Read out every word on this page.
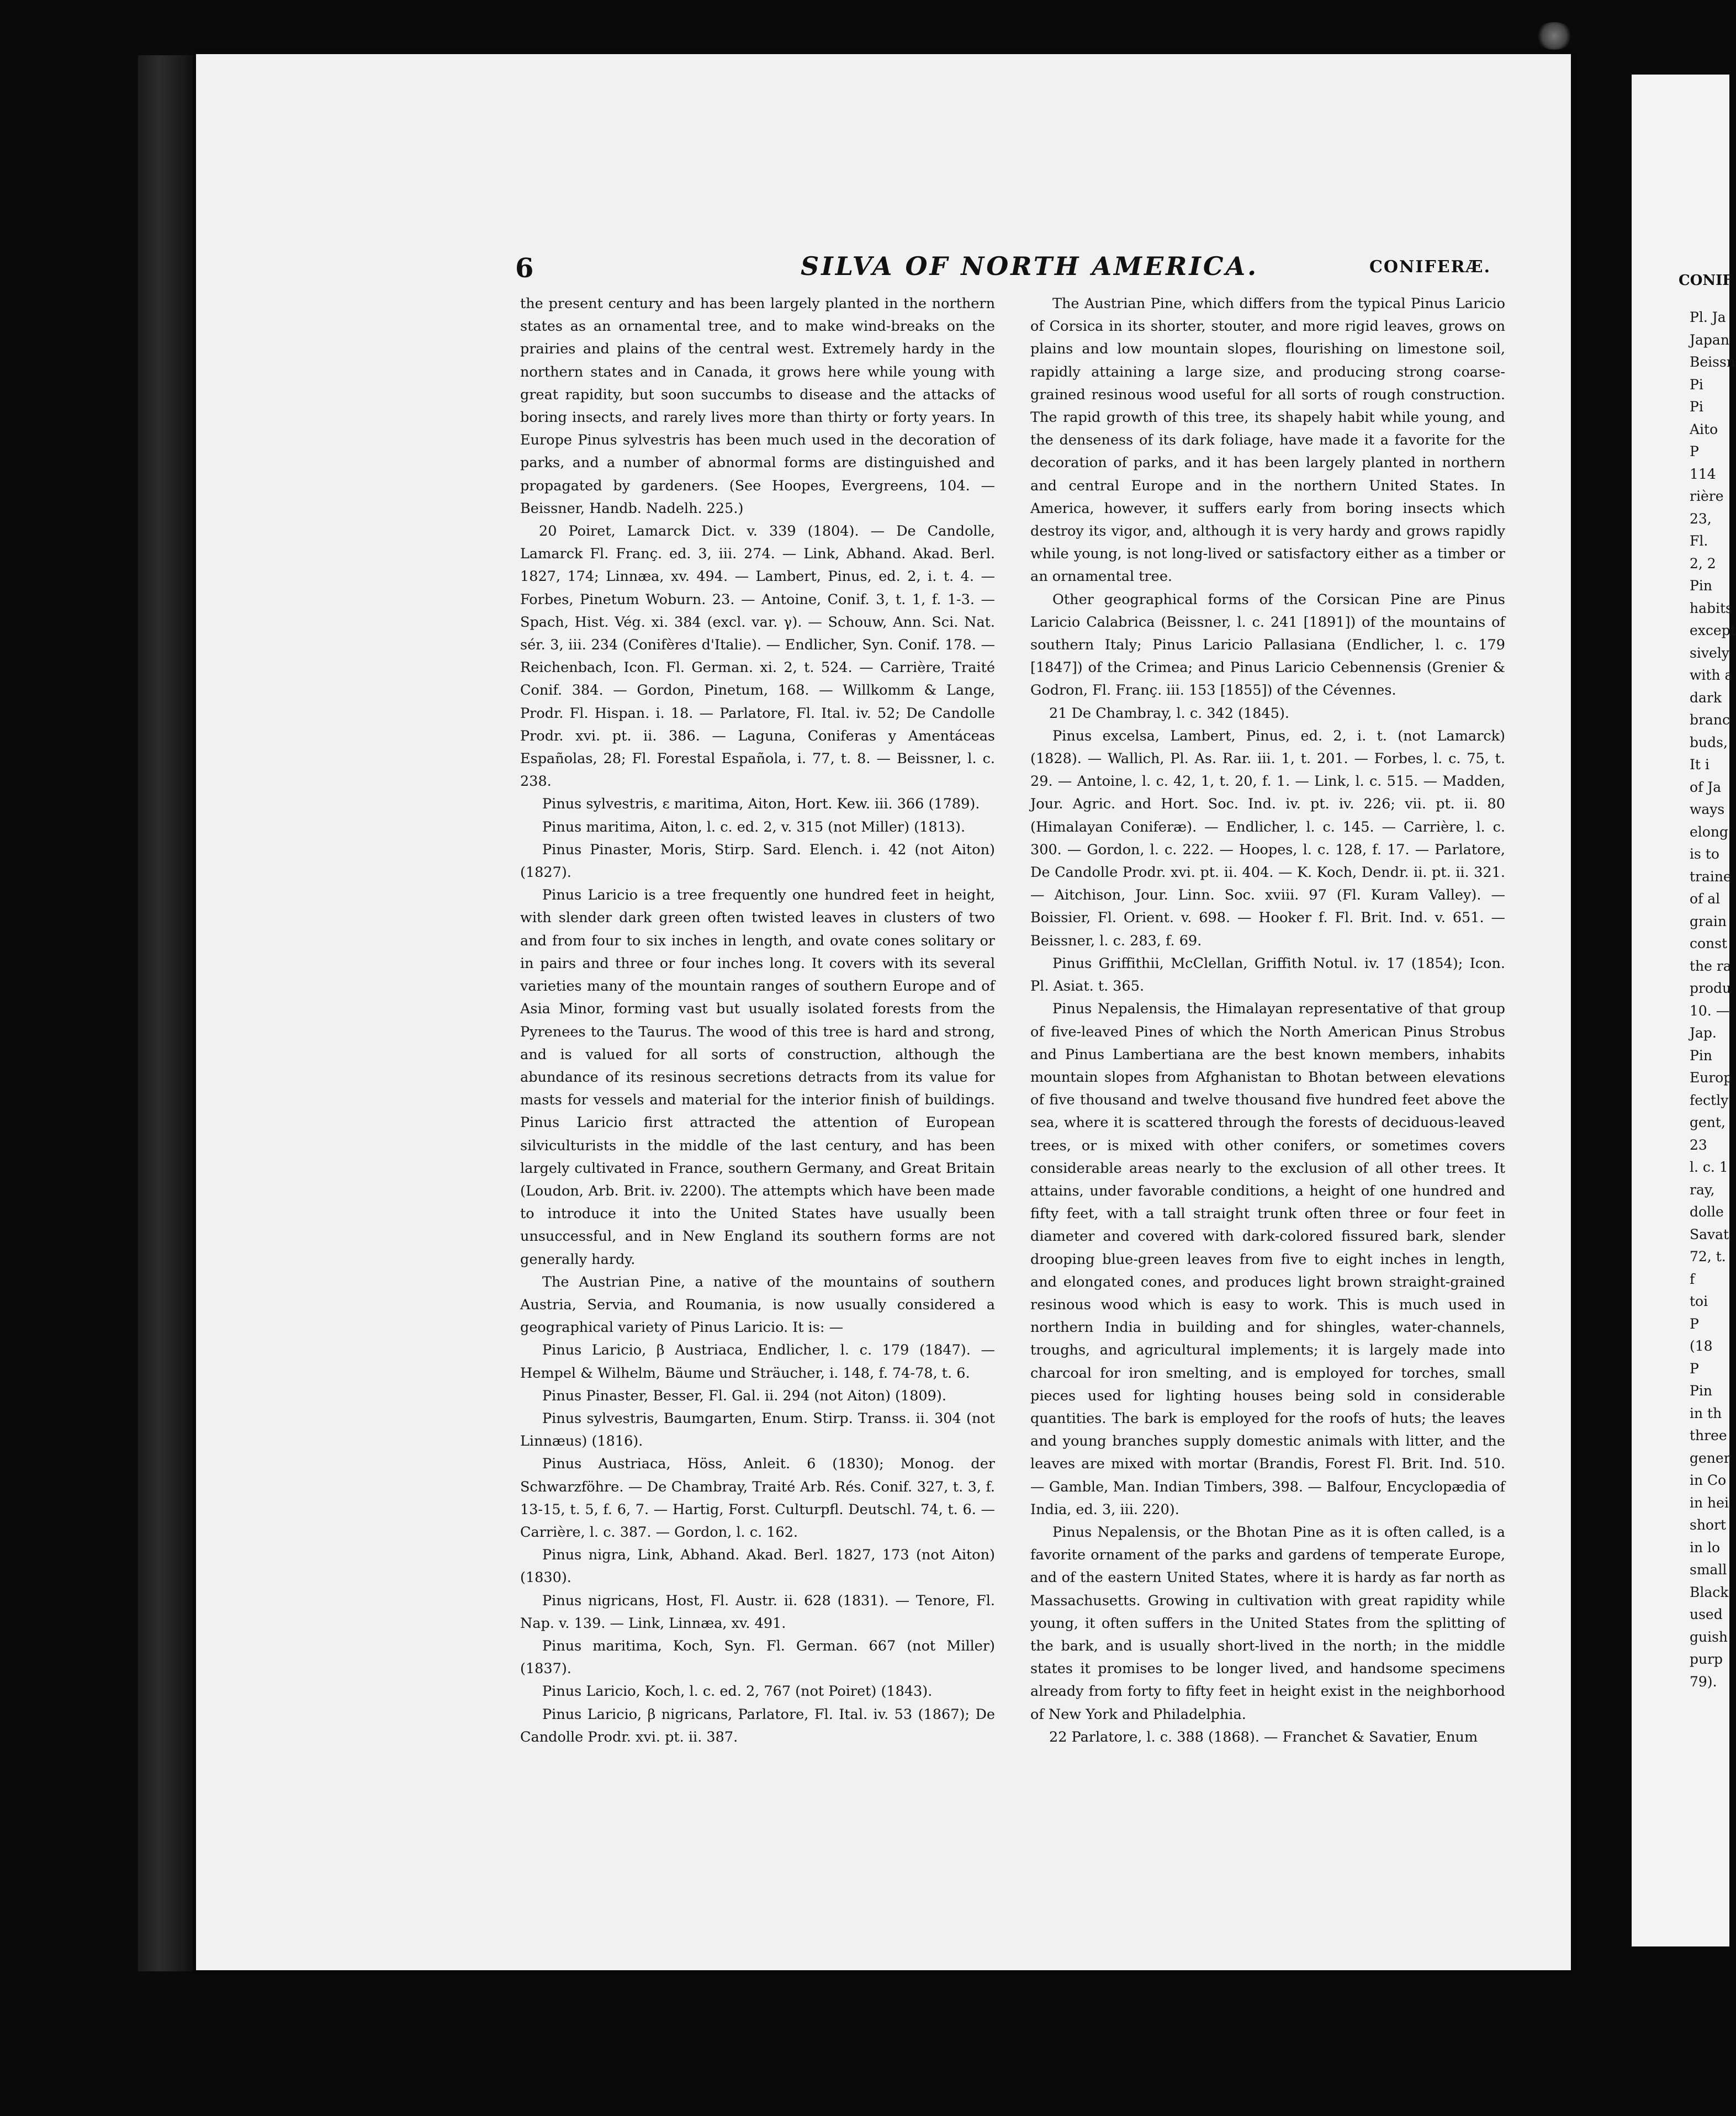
6	SILVA OF NORTH AMERICA.	CONIFERÆ.

the present century and has been largely planted in the northern states as an ornamental tree, and to make wind-breaks on the prairies and plains of the central west. Extremely hardy in the northern states and in Canada, it grows here while young with great rapidity, but soon succumbs to disease and the attacks of boring insects, and rarely lives more than thirty or forty years. In Europe Pinus sylvestris has been much used in the decoration of parks, and a number of abnormal forms are distinguished and propagated by gardeners. (See Hoopes, Evergreens, 104. — Beissner, Handb. Nadelh. 225.)

20 Poiret, Lamarck Dict. v. 339 (1804). — De Candolle, Lamarck Fl. Franç. ed. 3, iii. 274. — Link, Abhand. Akad. Berl. 1827, 174; Linnæa, xv. 494. — Lambert, Pinus, ed. 2, i. t. 4. — Forbes, Pinetum Woburn. 23. — Antoine, Conif. 3, t. 1, f. 1-3. — Spach, Hist. Vég. xi. 384 (excl. var. γ). — Schouw, Ann. Sci. Nat. sér. 3, iii. 234 (Conifères d'Italie). — Endlicher, Syn. Conif. 178. — Reichenbach, Icon. Fl. German. xi. 2, t. 524. — Carrière, Traité Conif. 384. — Gordon, Pinetum, 168. — Willkomm & Lange, Prodr. Fl. Hispan. i. 18. — Parlatore, Fl. Ital. iv. 52; De Candolle Prodr. xvi. pt. ii. 386. — Laguna, Coniferas y Amentáceas Españolas, 28; Fl. Forestal Española, i. 77, t. 8. — Beissner, l. c. 238.

Pinus sylvestris, ε maritima, Aiton, Hort. Kew. iii. 366 (1789).

Pinus maritima, Aiton, l. c. ed. 2, v. 315 (not Miller) (1813).

Pinus Pinaster, Moris, Stirp. Sard. Elench. i. 42 (not Aiton) (1827).

Pinus Laricio is a tree frequently one hundred feet in height, with slender dark green often twisted leaves in clusters of two and from four to six inches in length, and ovate cones solitary or in pairs and three or four inches long. It covers with its several varieties many of the mountain ranges of southern Europe and of Asia Minor, forming vast but usually isolated forests from the Pyrenees to the Taurus. The wood of this tree is hard and strong, and is valued for all sorts of construction, although the abundance of its resinous secretions detracts from its value for masts for vessels and material for the interior finish of buildings. Pinus Laricio first attracted the attention of European silviculturists in the middle of the last century, and has been largely cultivated in France, southern Germany, and Great Britain (Loudon, Arb. Brit. iv. 2200). The attempts which have been made to introduce it into the United States have usually been unsuccessful, and in New England its southern forms are not generally hardy.

The Austrian Pine, a native of the mountains of southern Austria, Servia, and Roumania, is now usually considered a geographical variety of Pinus Laricio. It is: —

Pinus Laricio, β Austriaca, Endlicher, l. c. 179 (1847). — Hempel & Wilhelm, Bäume und Sträucher, i. 148, f. 74-78, t. 6.

Pinus Pinaster, Besser, Fl. Gal. ii. 294 (not Aiton) (1809).

Pinus sylvestris, Baumgarten, Enum. Stirp. Transs. ii. 304 (not Linnæus) (1816).

Pinus Austriaca, Höss, Anleit. 6 (1830); Monog. der Schwarzföhre. — De Chambray, Traité Arb. Rés. Conif. 327, t. 3, f. 13-15, t. 5, f. 6, 7. — Hartig, Forst. Culturpfl. Deutschl. 74, t. 6. — Carrière, l. c. 387. — Gordon, l. c. 162.

Pinus nigra, Link, Abhand. Akad. Berl. 1827, 173 (not Aiton) (1830).

Pinus nigricans, Host, Fl. Austr. ii. 628 (1831). — Tenore, Fl. Nap. v. 139. — Link, Linnæa, xv. 491.

Pinus maritima, Koch, Syn. Fl. German. 667 (not Miller) (1837).

Pinus Laricio, Koch, l. c. ed. 2, 767 (not Poiret) (1843).

Pinus Laricio, β nigricans, Parlatore, Fl. Ital. iv. 53 (1867); De Candolle Prodr. xvi. pt. ii. 387.

The Austrian Pine, which differs from the typical Pinus Laricio of Corsica in its shorter, stouter, and more rigid leaves, grows on plains and low mountain slopes, flourishing on limestone soil, rapidly attaining a large size, and producing strong coarse-grained resinous wood useful for all sorts of rough construction. The rapid growth of this tree, its shapely habit while young, and the denseness of its dark foliage, have made it a favorite for the decoration of parks, and it has been largely planted in northern and central Europe and in the northern United States. In America, however, it suffers early from boring insects which destroy its vigor, and, although it is very hardy and grows rapidly while young, is not long-lived or satisfactory either as a timber or an ornamental tree.

Other geographical forms of the Corsican Pine are Pinus Laricio Calabrica (Beissner, l. c. 241 [1891]) of the mountains of southern Italy; Pinus Laricio Pallasiana (Endlicher, l. c. 179 [1847]) of the Crimea; and Pinus Laricio Cebennensis (Grenier & Godron, Fl. Franç. iii. 153 [1855]) of the Cévennes.

21 De Chambray, l. c. 342 (1845).

Pinus excelsa, Lambert, Pinus, ed. 2, i. t. (not Lamarck) (1828). — Wallich, Pl. As. Rar. iii. 1, t. 201. — Forbes, l. c. 75, t. 29. — Antoine, l. c. 42, 1, t. 20, f. 1. — Link, l. c. 515. — Madden, Jour. Agric. and Hort. Soc. Ind. iv. pt. iv. 226; vii. pt. ii. 80 (Himalayan Coniferæ). — Endlicher, l. c. 145. — Carrière, l. c. 300. — Gordon, l. c. 222. — Hoopes, l. c. 128, f. 17. — Parlatore, De Candolle Prodr. xvi. pt. ii. 404. — K. Koch, Dendr. ii. pt. ii. 321. — Aitchison, Jour. Linn. Soc. xviii. 97 (Fl. Kuram Valley). — Boissier, Fl. Orient. v. 698. — Hooker f. Fl. Brit. Ind. v. 651. — Beissner, l. c. 283, f. 69.

Pinus Griffithii, McClellan, Griffith Notul. iv. 17 (1854); Icon. Pl. Asiat. t. 365.

Pinus Nepalensis, the Himalayan representative of that group of five-leaved Pines of which the North American Pinus Strobus and Pinus Lambertiana are the best known members, inhabits mountain slopes from Afghanistan to Bhotan between elevations of five thousand and twelve thousand five hundred feet above the sea, where it is scattered through the forests of deciduous-leaved trees, or is mixed with other conifers, or sometimes covers considerable areas nearly to the exclusion of all other trees. It attains, under favorable conditions, a height of one hundred and fifty feet, with a tall straight trunk often three or four feet in diameter and covered with dark-colored fissured bark, slender drooping blue-green leaves from five to eight inches in length, and elongated cones, and produces light brown straight-grained resinous wood which is easy to work. This is much used in northern India in building and for shingles, water-channels, troughs, and agricultural implements; it is largely made into charcoal for iron smelting, and is employed for torches, small pieces used for lighting houses being sold in considerable quantities. The bark is employed for the roofs of huts; the leaves and young branches supply domestic animals with litter, and the leaves are mixed with mortar (Brandis, Forest Fl. Brit. Ind. 510. — Gamble, Man. Indian Timbers, 398. — Balfour, Encyclopædia of India, ed. 3, iii. 220).

Pinus Nepalensis, or the Bhotan Pine as it is often called, is a favorite ornament of the parks and gardens of temperate Europe, and of the eastern United States, where it is hardy as far north as Massachusetts. Growing in cultivation with great rapidity while young, it often suffers in the United States from the splitting of the bark, and is usually short-lived in the north; in the middle states it promises to be longer lived, and handsome specimens already from forty to fifty feet in height exist in the neighborhood of New York and Philadelphia.

22 Parlatore, l. c. 388 (1868). — Franchet & Savatier, Enum

CONIF
Pl. Ja
Japan
Beissn
Pi
Pi
Aito
P
114
rière
23,
Fl.
2, 2
Pin
habits
except
sively
with a
dark
branc
buds,
It i
of Ja
ways
elong
is to
traine
of al
grain
const
the ra
produ
10. —
Jap.
Pin
Europ
fectly
gent,
23
l. c. 1
ray,
dolle
Savat
72, t.
f
toi
P
(18
P
Pin
in th
three
gener
in Co
in hei
short
in lo
small
Black
used
guish
purp
79).
